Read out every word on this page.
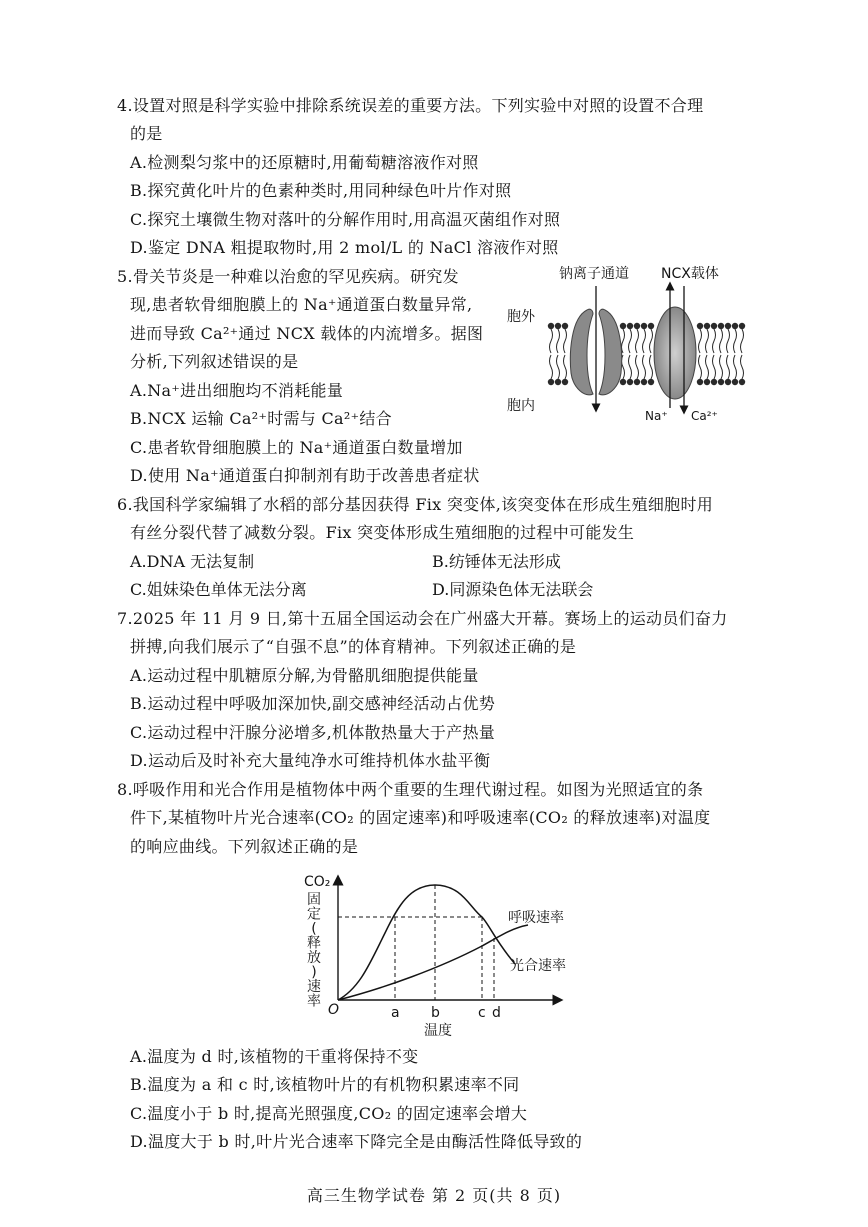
4.设置对照是科学实验中排除系统误差的重要方法。下列实验中对照的设置不合理
的是
A.检测梨匀浆中的还原糖时,用葡萄糖溶液作对照
B.探究黄化叶片的色素种类时,用同种绿色叶片作对照
C.探究土壤微生物对落叶的分解作用时,用高温灭菌组作对照
D.鉴定 DNA 粗提取物时,用 2 mol/L 的 NaCl 溶液作对照
5.骨关节炎是一种难以治愈的罕见疾病。研究发
现,患者软骨细胞膜上的 Na⁺通道蛋白数量异常,
进而导致 Ca²⁺通过 NCX 载体的内流增多。据图
分析,下列叙述错误的是
A.Na⁺进出细胞均不消耗能量
B.NCX 运输 Ca²⁺时需与 Ca²⁺结合
C.患者软骨细胞膜上的 Na⁺通道蛋白数量增加
D.使用 Na⁺通道蛋白抑制剂有助于改善患者症状
钠离子通道 NCX载体
胞外
胞内
Na⁺ Ca²⁺
6.我国科学家编辑了水稻的部分基因获得 Fix 突变体,该突变体在形成生殖细胞时用
有丝分裂代替了减数分裂。Fix 突变体形成生殖细胞的过程中可能发生
A.DNA 无法复制	B.纺锤体无法形成
C.姐妹染色单体无法分离	D.同源染色体无法联会
7.2025 年 11 月 9 日,第十五届全国运动会在广州盛大开幕。赛场上的运动员们奋力
拼搏,向我们展示了“自强不息”的体育精神。下列叙述正确的是
A.运动过程中肌糖原分解,为骨骼肌细胞提供能量
B.运动过程中呼吸加深加快,副交感神经活动占优势
C.运动过程中汗腺分泌增多,机体散热量大于产热量
D.运动后及时补充大量纯净水可维持机体水盐平衡
8.呼吸作用和光合作用是植物体中两个重要的生理代谢过程。如图为光照适宜的条
件下,某植物叶片光合速率(CO₂ 的固定速率)和呼吸速率(CO₂ 的释放速率)对温度
的响应曲线。下列叙述正确的是
CO₂
固
定
(
释
放
)
速
率
O
呼吸速率
光合速率
a b	c d
温度
A.温度为 d 时,该植物的干重将保持不变
B.温度为 a 和 c 时,该植物叶片的有机物积累速率不同
C.温度小于 b 时,提高光照强度,CO₂ 的固定速率会增大
D.温度大于 b 时,叶片光合速率下降完全是由酶活性降低导致的
高三生物学试卷 第 2 页(共 8 页)
